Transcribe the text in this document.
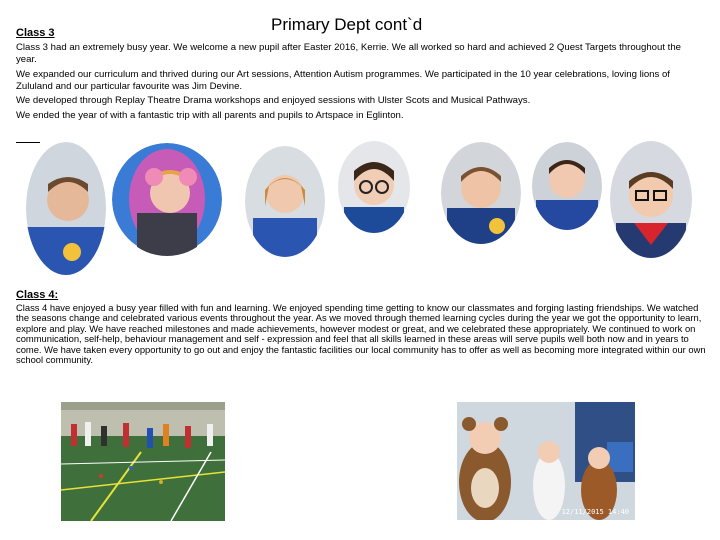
Class 3	Primary Dept cont`d

Class 3 had an extremely busy year. We welcome a new pupil after Easter 2016, Kerrie. We all worked so hard and achieved 2 Quest Targets throughout the year.

We expanded our curriculum and thrived during our Art sessions, Attention Autism programmes. We participated in the 10 year celebrations, loving lions of Zululand and our particular favourite was Jim Devine.

We developed through Replay Theatre Drama workshops and enjoyed sessions with Ulster Scots and Musical Pathways.

We ended the year of with a fantastic trip with all parents and pupils to Artspace in Eglinton.

Class 4:
Class 4 have enjoyed a busy year filled with fun and learning. We enjoyed spending time getting to know our classmates and forging lasting friendships. We watched the seasons change and celebrated various events throughout the year. As we moved through themed learning cycles during the year we got the opportunity to learn, explore and play. We have reached milestones and made achievements, however modest or great, and we celebrated these appropriately. We continued to work on communication, self-help, behaviour management and self - expression and feel that all skills learned in these areas will serve pupils well both now and in years to come. We have taken every opportunity to go out and enjoy the fantastic facilities our local community has to offer as well as becoming more integrated within our own school community.
12/11/2015 14:40
